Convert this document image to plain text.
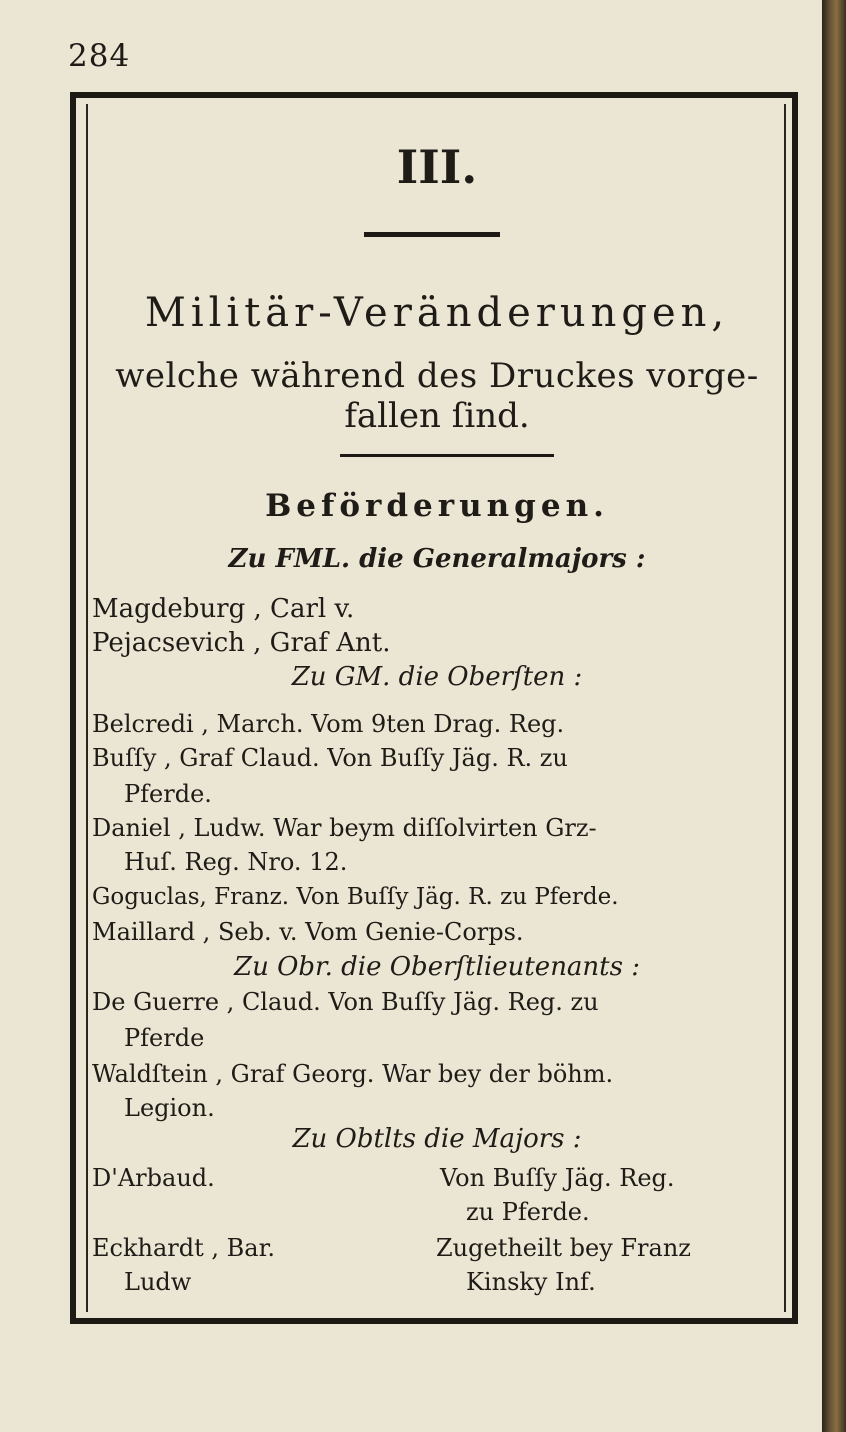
284
III.
Militär-Veränderungen,
welche während des Druckes vorge-
fallen ſind.
Beförderungen.
Zu FML. die Generalmajors :
Magdeburg , Carl v.
Pejacsevich , Graf Ant.
Zu GM. die Oberſten :
Belcredi , March. Vom 9ten Drag. Reg.
Buſſy , Graf Claud. Von Buſſy Jäg. R. zu
Pferde.
Daniel , Ludw. War beym diſſolvirten Grz-
Huſ. Reg. Nro. 12.
Goguclas, Franz. Von Buſſy Jäg. R. zu Pferde.
Maillard , Seb. v. Vom Genie-Corps.
Zu Obr. die Oberſtlieutenants :
De Guerre , Claud. Von Buſſy Jäg. Reg. zu
Pferde
Waldſtein , Graf Georg. War bey der böhm.
Legion.
Zu Obtlts die Majors :
D'Arbaud.	Von Buſſy Jäg. Reg.
zu Pferde.
Eckhardt , Bar.	Zugetheilt bey Franz
Ludw	Kinsky Inf.
